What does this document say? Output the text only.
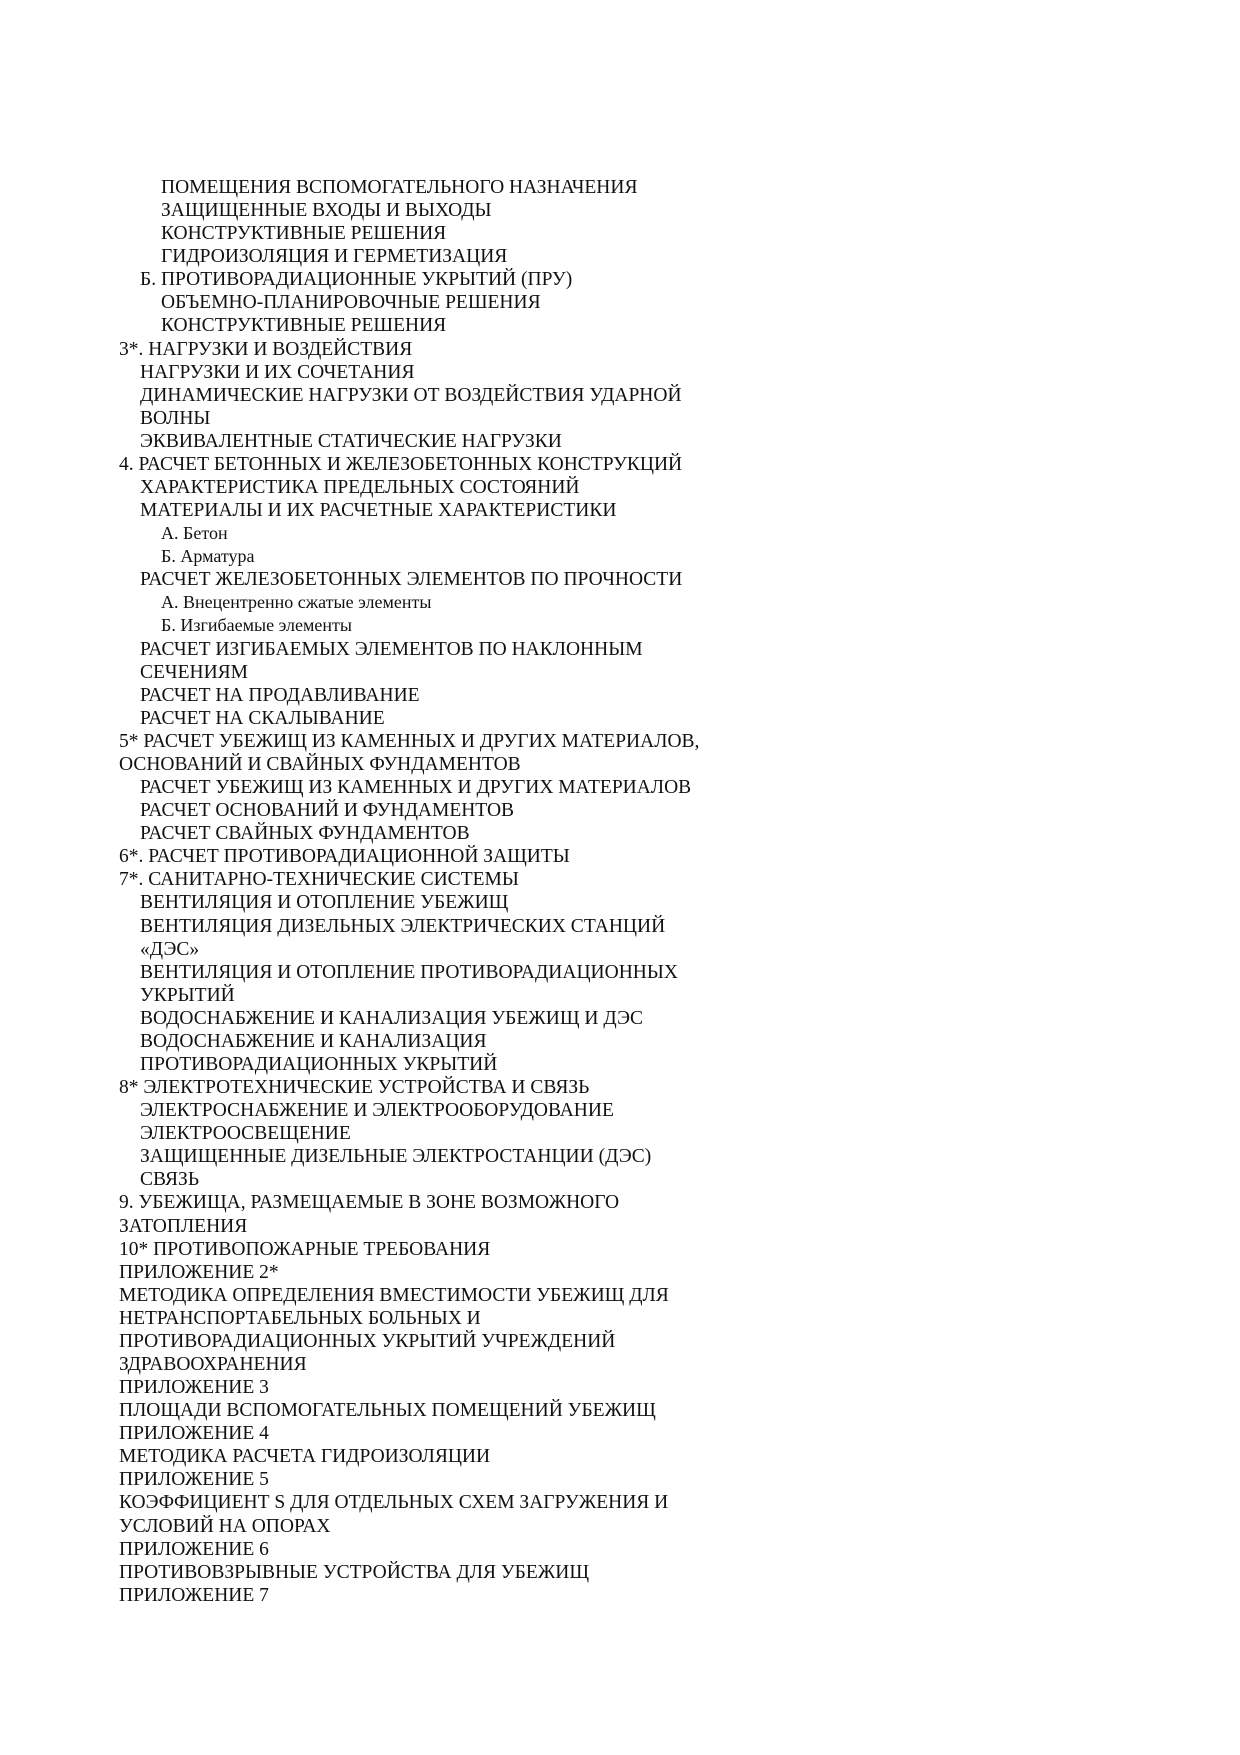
ПОМЕЩЕНИЯ ВСПОМОГАТЕЛЬНОГО НАЗНАЧЕНИЯ
ЗАЩИЩЕННЫЕ ВХОДЫ И ВЫХОДЫ
КОНСТРУКТИВНЫЕ РЕШЕНИЯ
ГИДРОИЗОЛЯЦИЯ И ГЕРМЕТИЗАЦИЯ
Б. ПРОТИВОРАДИАЦИОННЫЕ УКРЫТИЙ (ПРУ)
ОБЪЕМНО-ПЛАНИРОВОЧНЫЕ РЕШЕНИЯ
КОНСТРУКТИВНЫЕ РЕШЕНИЯ
3*. НАГРУЗКИ И ВОЗДЕЙСТВИЯ
НАГРУЗКИ И ИХ СОЧЕТАНИЯ
ДИНАМИЧЕСКИЕ НАГРУЗКИ ОТ ВОЗДЕЙСТВИЯ УДАРНОЙ
ВОЛНЫ
ЭКВИВАЛЕНТНЫЕ СТАТИЧЕСКИЕ НАГРУЗКИ
4. РАСЧЕТ БЕТОННЫХ И ЖЕЛЕЗОБЕТОННЫХ КОНСТРУКЦИЙ
ХАРАКТЕРИСТИКА ПРЕДЕЛЬНЫХ СОСТОЯНИЙ
МАТЕРИАЛЫ И ИХ РАСЧЕТНЫЕ ХАРАКТЕРИСТИКИ
А. Бетон
Б. Арматура
РАСЧЕТ ЖЕЛЕЗОБЕТОННЫХ ЭЛЕМЕНТОВ ПО ПРОЧНОСТИ
А. Внецентренно сжатые элементы
Б. Изгибаемые элементы
РАСЧЕТ ИЗГИБАЕМЫХ ЭЛЕМЕНТОВ ПО НАКЛОННЫМ
СЕЧЕНИЯМ
РАСЧЕТ НА ПРОДАВЛИВАНИЕ
РАСЧЕТ НА СКАЛЫВАНИЕ
5* РАСЧЕТ УБЕЖИЩ ИЗ КАМЕННЫХ И ДРУГИХ МАТЕРИАЛОВ,
ОСНОВАНИЙ И СВАЙНЫХ ФУНДАМЕНТОВ
РАСЧЕТ УБЕЖИЩ ИЗ КАМЕННЫХ И ДРУГИХ МАТЕРИАЛОВ
РАСЧЕТ ОСНОВАНИЙ И ФУНДАМЕНТОВ
РАСЧЕТ СВАЙНЫХ ФУНДАМЕНТОВ
6*. РАСЧЕТ ПРОТИВОРАДИАЦИОННОЙ ЗАЩИТЫ
7*. САНИТАРНО-ТЕХНИЧЕСКИЕ СИСТЕМЫ
ВЕНТИЛЯЦИЯ И ОТОПЛЕНИЕ УБЕЖИЩ
ВЕНТИЛЯЦИЯ ДИЗЕЛЬНЫХ ЭЛЕКТРИЧЕСКИХ СТАНЦИЙ
«ДЭС»
ВЕНТИЛЯЦИЯ И ОТОПЛЕНИЕ ПРОТИВОРАДИАЦИОННЫХ
УКРЫТИЙ
ВОДОСНАБЖЕНИЕ И КАНАЛИЗАЦИЯ УБЕЖИЩ И ДЭС
ВОДОСНАБЖЕНИЕ И КАНАЛИЗАЦИЯ
ПРОТИВОРАДИАЦИОННЫХ УКРЫТИЙ
8* ЭЛЕКТРОТЕХНИЧЕСКИЕ УСТРОЙСТВА И СВЯЗЬ
ЭЛЕКТРОСНАБЖЕНИЕ И ЭЛЕКТРООБОРУДОВАНИЕ
ЭЛЕКТРООСВЕЩЕНИЕ
ЗАЩИЩЕННЫЕ ДИЗЕЛЬНЫЕ ЭЛЕКТРОСТАНЦИИ (ДЭС)
СВЯЗЬ
9. УБЕЖИЩА, РАЗМЕЩАЕМЫЕ В ЗОНЕ ВОЗМОЖНОГО
ЗАТОПЛЕНИЯ
10* ПРОТИВОПОЖАРНЫЕ ТРЕБОВАНИЯ
ПРИЛОЖЕНИЕ 2*
МЕТОДИКА ОПРЕДЕЛЕНИЯ ВМЕСТИМОСТИ УБЕЖИЩ ДЛЯ
НЕТРАНСПОРТАБЕЛЬНЫХ БОЛЬНЫХ И
ПРОТИВОРАДИАЦИОННЫХ УКРЫТИЙ УЧРЕЖДЕНИЙ
ЗДРАВООХРАНЕНИЯ
ПРИЛОЖЕНИЕ 3
ПЛОЩАДИ ВСПОМОГАТЕЛЬНЫХ ПОМЕЩЕНИЙ УБЕЖИЩ
ПРИЛОЖЕНИЕ 4
МЕТОДИКА РАСЧЕТА ГИДРОИЗОЛЯЦИИ
ПРИЛОЖЕНИЕ 5
КОЭФФИЦИЕНТ S ДЛЯ ОТДЕЛЬНЫХ СХЕМ ЗАГРУЖЕНИЯ И
УСЛОВИЙ НА ОПОРАХ
ПРИЛОЖЕНИЕ 6
ПРОТИВОВЗРЫВНЫЕ УСТРОЙСТВА ДЛЯ УБЕЖИЩ
ПРИЛОЖЕНИЕ 7
